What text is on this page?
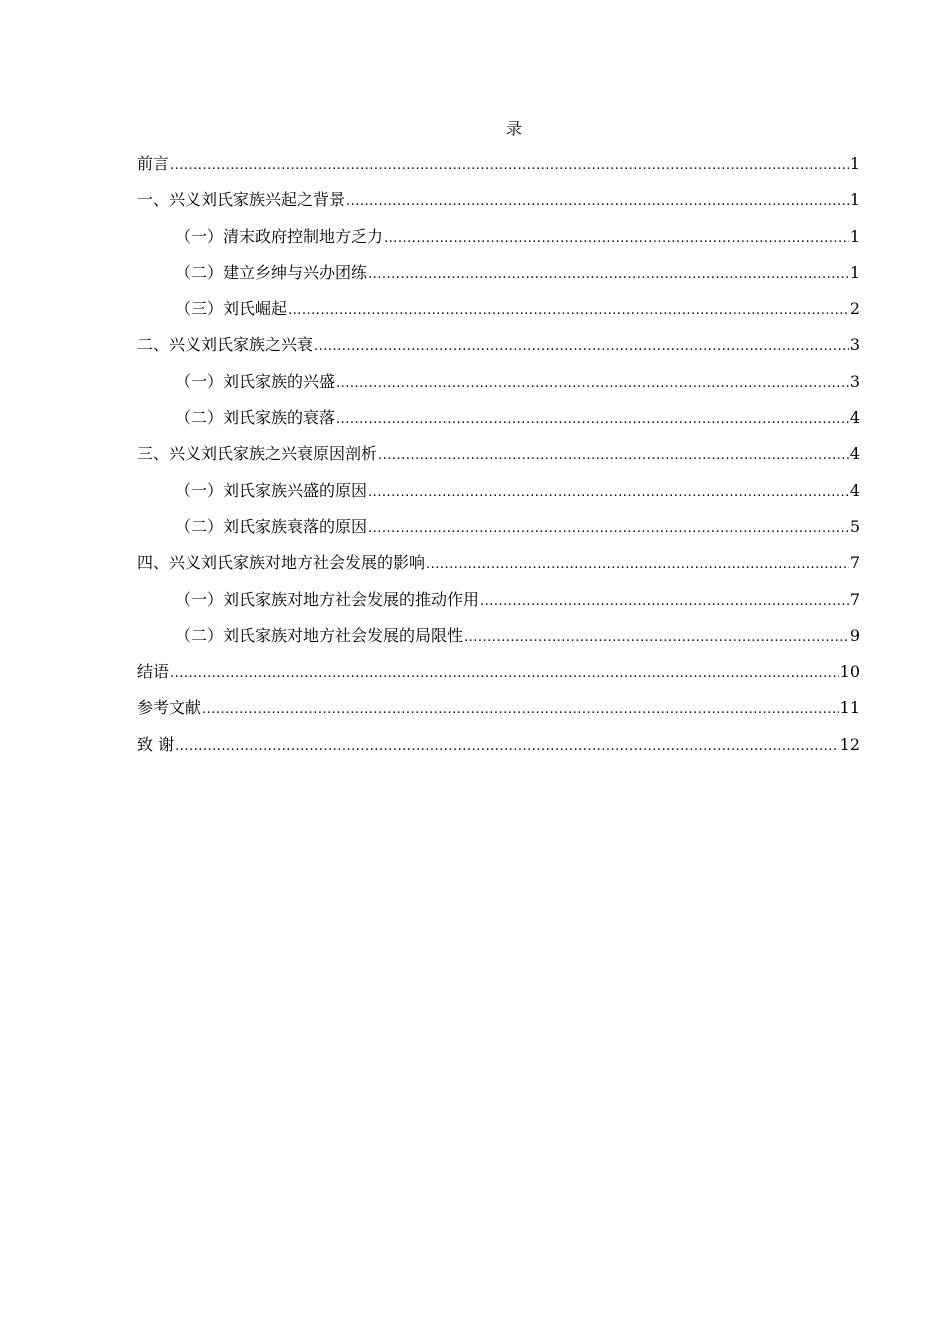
录
前言 .....	1
一、兴义刘氏家族兴起之背景 .....	1
（一）清末政府控制地方乏力 .....	1
（二）建立乡绅与兴办团练 .....	1
（三）刘氏崛起 .....	2
二、兴义刘氏家族之兴衰 .....	3
（一）刘氏家族的兴盛 .....	3
（二）刘氏家族的衰落 .....	4
三、兴义刘氏家族之兴衰原因剖析 .....	4
（一）刘氏家族兴盛的原因 .....	4
（二）刘氏家族衰落的原因 .....	5
四、兴义刘氏家族对地方社会发展的影响 .....	7
（一）刘氏家族对地方社会发展的推动作用 .....	7
（二）刘氏家族对地方社会发展的局限性 .....	9
结语 .....	10
参考文献 .....	11
致 谢 .....	12
